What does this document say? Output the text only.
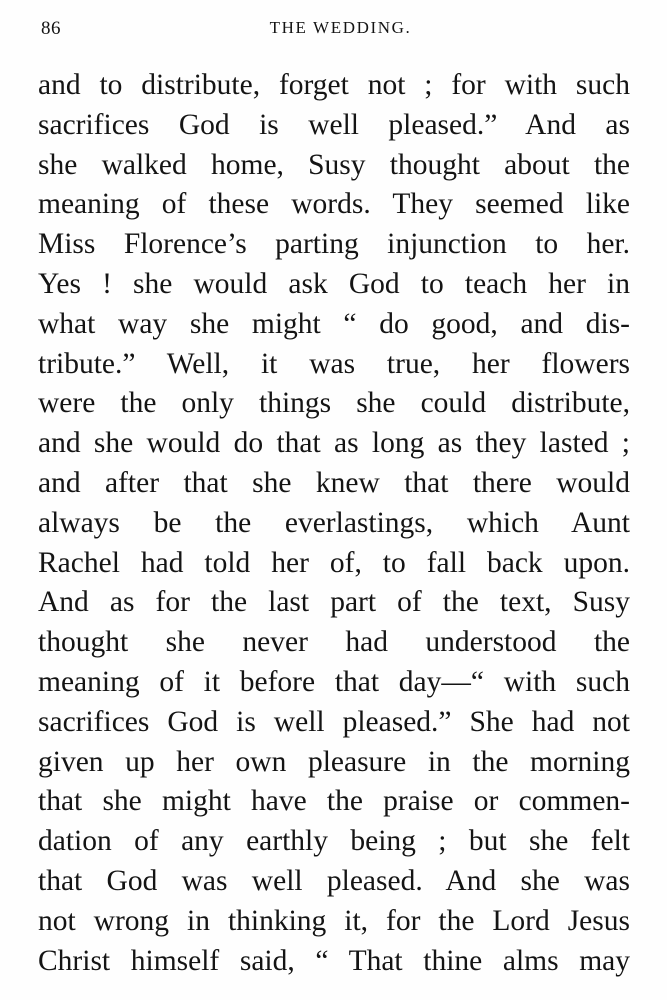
86	THE WEDDING.
and to distribute, forget not ; for with such
sacrifices God is well pleased.” And as
she walked home, Susy thought about the
meaning of these words. They seemed like
Miss Florence’s parting injunction to her.
Yes ! she would ask God to teach her in
what way she might “ do good, and dis-
tribute.” Well, it was true, her flowers
were the only things she could distribute,
and she would do that as long as they lasted ;
and after that she knew that there would
always be the everlastings, which Aunt
Rachel had told her of, to fall back upon.
And as for the last part of the text, Susy
thought she never had understood the
meaning of it before that day—“ with such
sacrifices God is well pleased.” She had not
given up her own pleasure in the morning
that she might have the praise or commen-
dation of any earthly being ; but she felt
that God was well pleased. And she was
not wrong in thinking it, for the Lord Jesus
Christ himself said, “ That thine alms may
